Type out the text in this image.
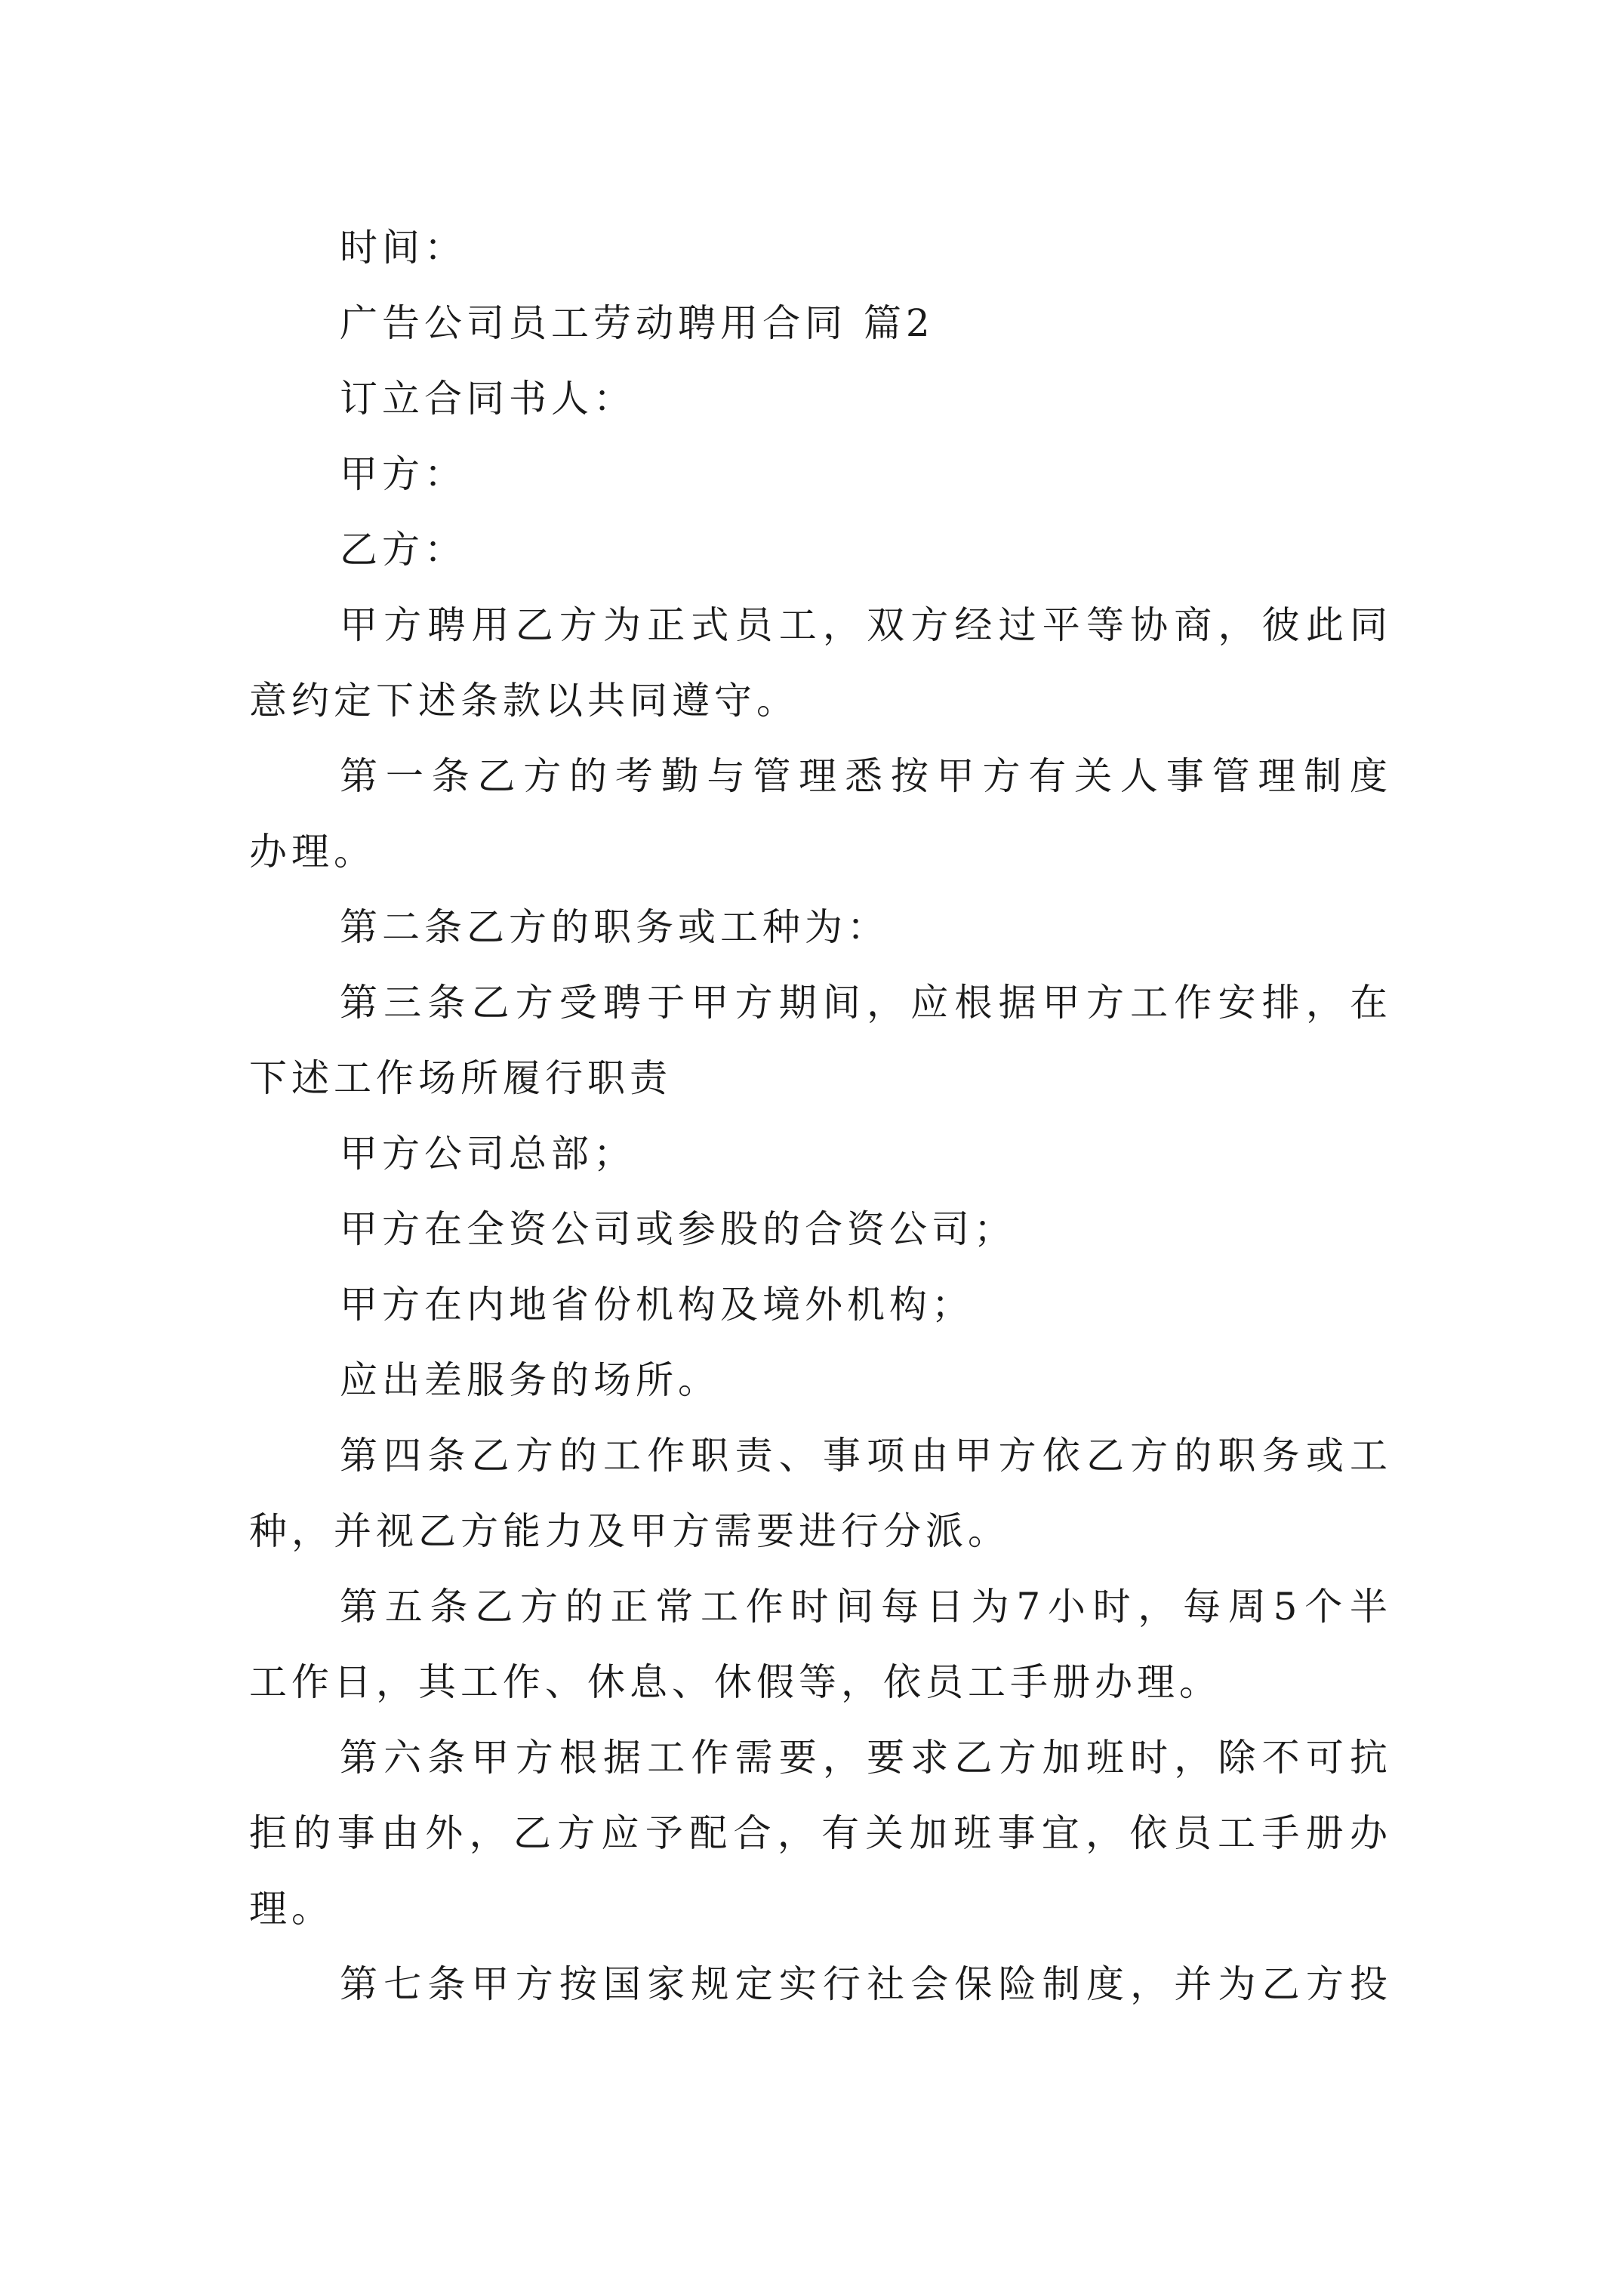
时间：

广告公司员工劳动聘用合同 篇2

订立合同书人：

甲方：

乙方：

甲方聘用乙方为正式员工，双方经过平等协商，彼此同

意约定下述条款以共同遵守。

第一条乙方的考勤与管理悉按甲方有关人事管理制度

办理。

第二条乙方的职务或工种为：

第三条乙方受聘于甲方期间，应根据甲方工作安排，在

下述工作场所履行职责

甲方公司总部；

甲方在全资公司或参股的合资公司；

甲方在内地省份机构及境外机构；

应出差服务的场所。

第四条乙方的工作职责、事项由甲方依乙方的职务或工

种，并视乙方能力及甲方需要进行分派。

第五条乙方的正常工作时间每日为7小时，每周5个半

工作日，其工作、休息、休假等，依员工手册办理。

第六条甲方根据工作需要，要求乙方加班时，除不可抗

拒的事由外，乙方应予配合，有关加班事宜，依员工手册办

理。

第七条甲方按国家规定实行社会保险制度，并为乙方投
